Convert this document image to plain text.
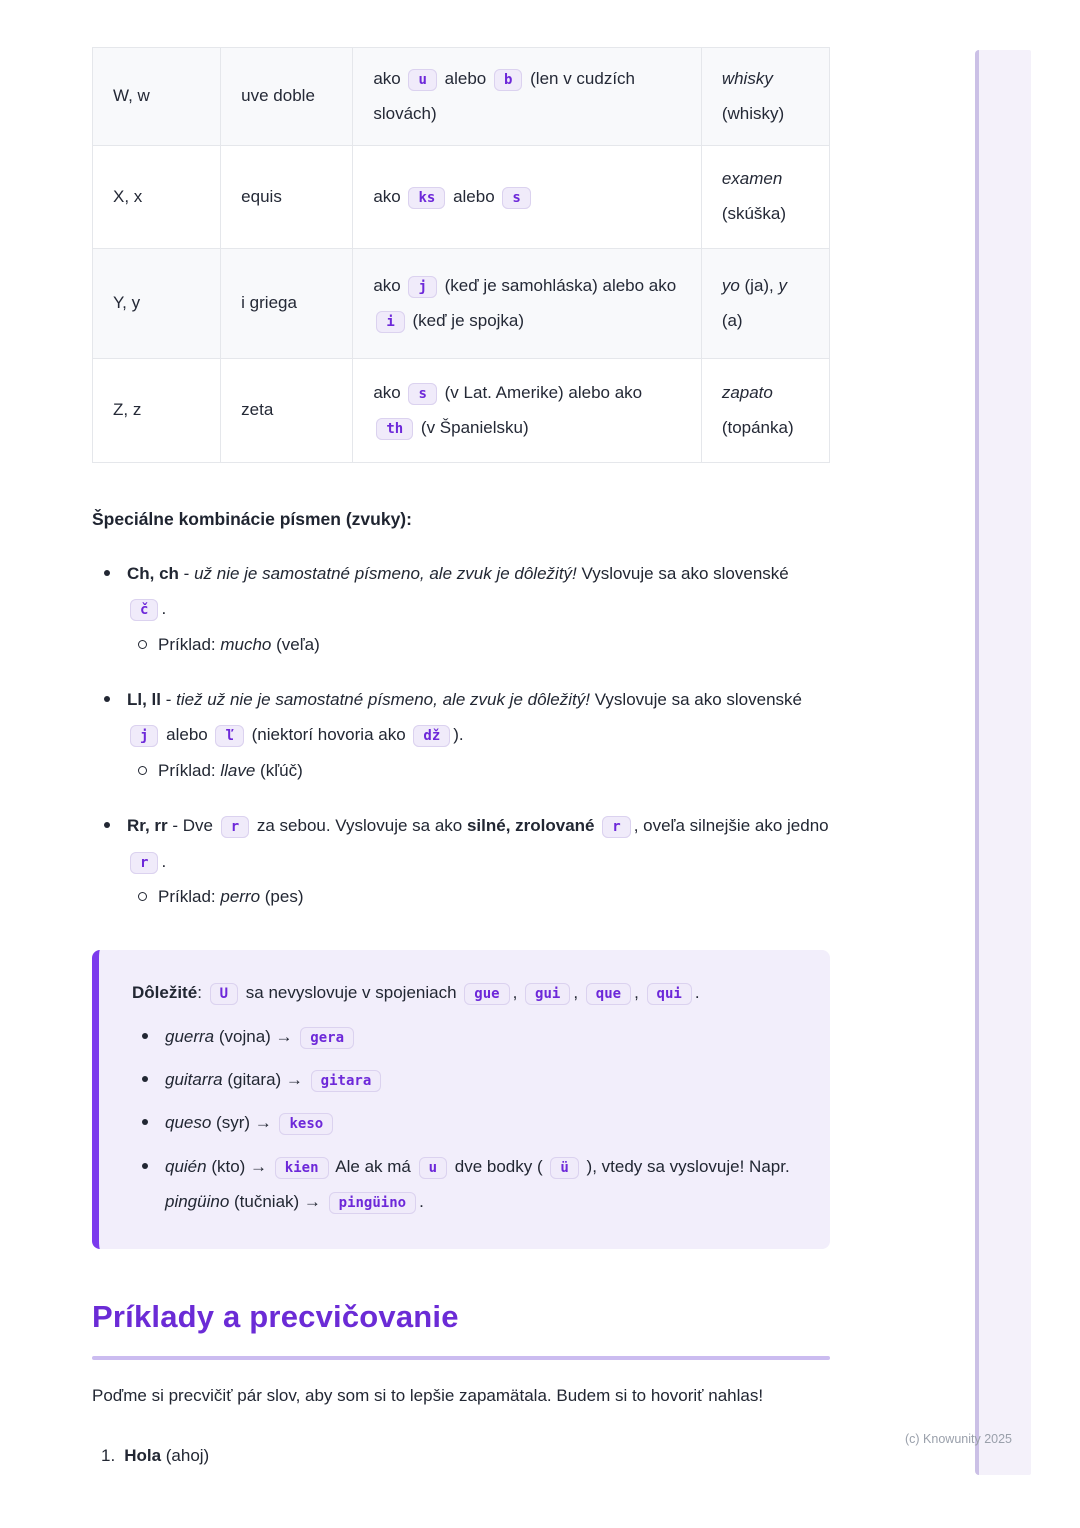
W, w	uve doble	ako u alebo b (len v cudzích slovách)	whisky (whisky)
X, x	equis	ako ks alebo s	examen (skúška)
Y, y	i griega	ako j (keď je samohláska) alebo ako i (keď je spojka)	yo (ja), y (a)
Z, z	zeta	ako s (v Lat. Amerike) alebo ako th (v Španielsku)	zapato (topánka)
Špeciálne kombinácie písmen (zvuky):
Ch, ch - už nie je samostatné písmeno, ale zvuk je dôležitý! Vyslovuje sa ako slovenské č .
Príklad: mucho (veľa)
Ll, ll - tiež už nie je samostatné písmeno, ale zvuk je dôležitý! Vyslovuje sa ako slovenské j alebo ľ (niektorí hovoria ako dž ).
Príklad: llave (kľúč)
Rr, rr - Dve r za sebou. Vyslovuje sa ako silné, zrolované r , oveľa silnejšie ako jedno r .
Príklad: perro (pes)

Dôležité: U sa nevyslovuje v spojeniach gue , gui , que , qui .

guerra (vojna) → gera
guitarra (gitara) → gitara
queso (syr) → keso
quién (kto) → kien Ale ak má u dve bodky ( ü ), vtedy sa vyslovuje! Napr. pingüino (tučniak) → pingüino .
Príklady a precvičovanie

Poďme si precvičiť pár slov, aby som si to lepšie zapamätala. Budem si to hovoriť nahlas!

1. Hola (ahoj)
(c) Knowunity 2025
